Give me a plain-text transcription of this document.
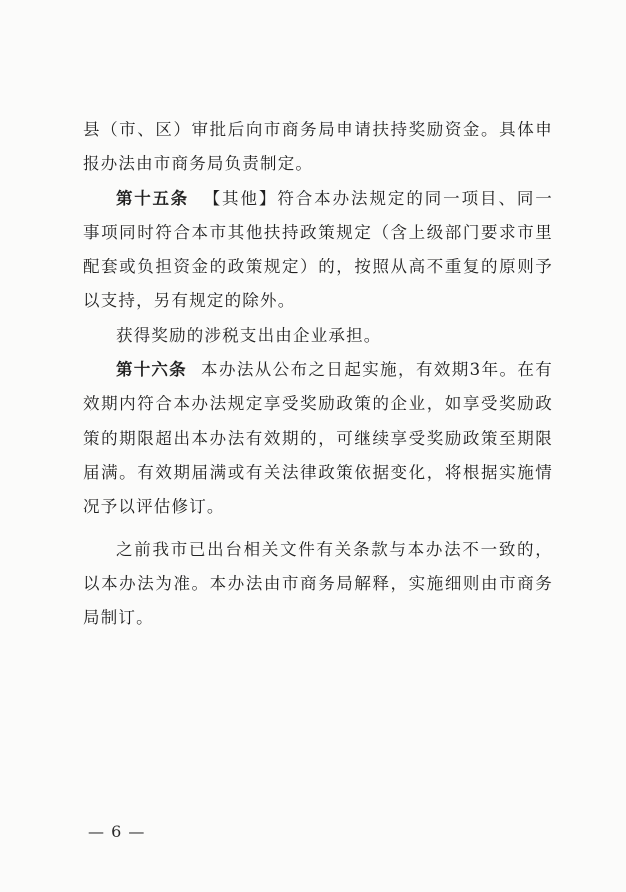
县（市、区）审批后向市商务局申请扶持奖励资金。具体申报办法由市商务局负责制定。

第十五条 【其他】符合本办法规定的同一项目、同一事项同时符合本市其他扶持政策规定（含上级部门要求市里配套或负担资金的政策规定）的，按照从高不重复的原则予以支持，另有规定的除外。

获得奖励的涉税支出由企业承担。

第十六条 本办法从公布之日起实施，有效期3年。在有效期内符合本办法规定享受奖励政策的企业，如享受奖励政策的期限超出本办法有效期的，可继续享受奖励政策至期限届满。有效期届满或有关法律政策依据变化，将根据实施情况予以评估修订。

之前我市已出台相关文件有关条款与本办法不一致的，以本办法为准。本办法由市商务局解释，实施细则由市商务局制订。

— 6 —
